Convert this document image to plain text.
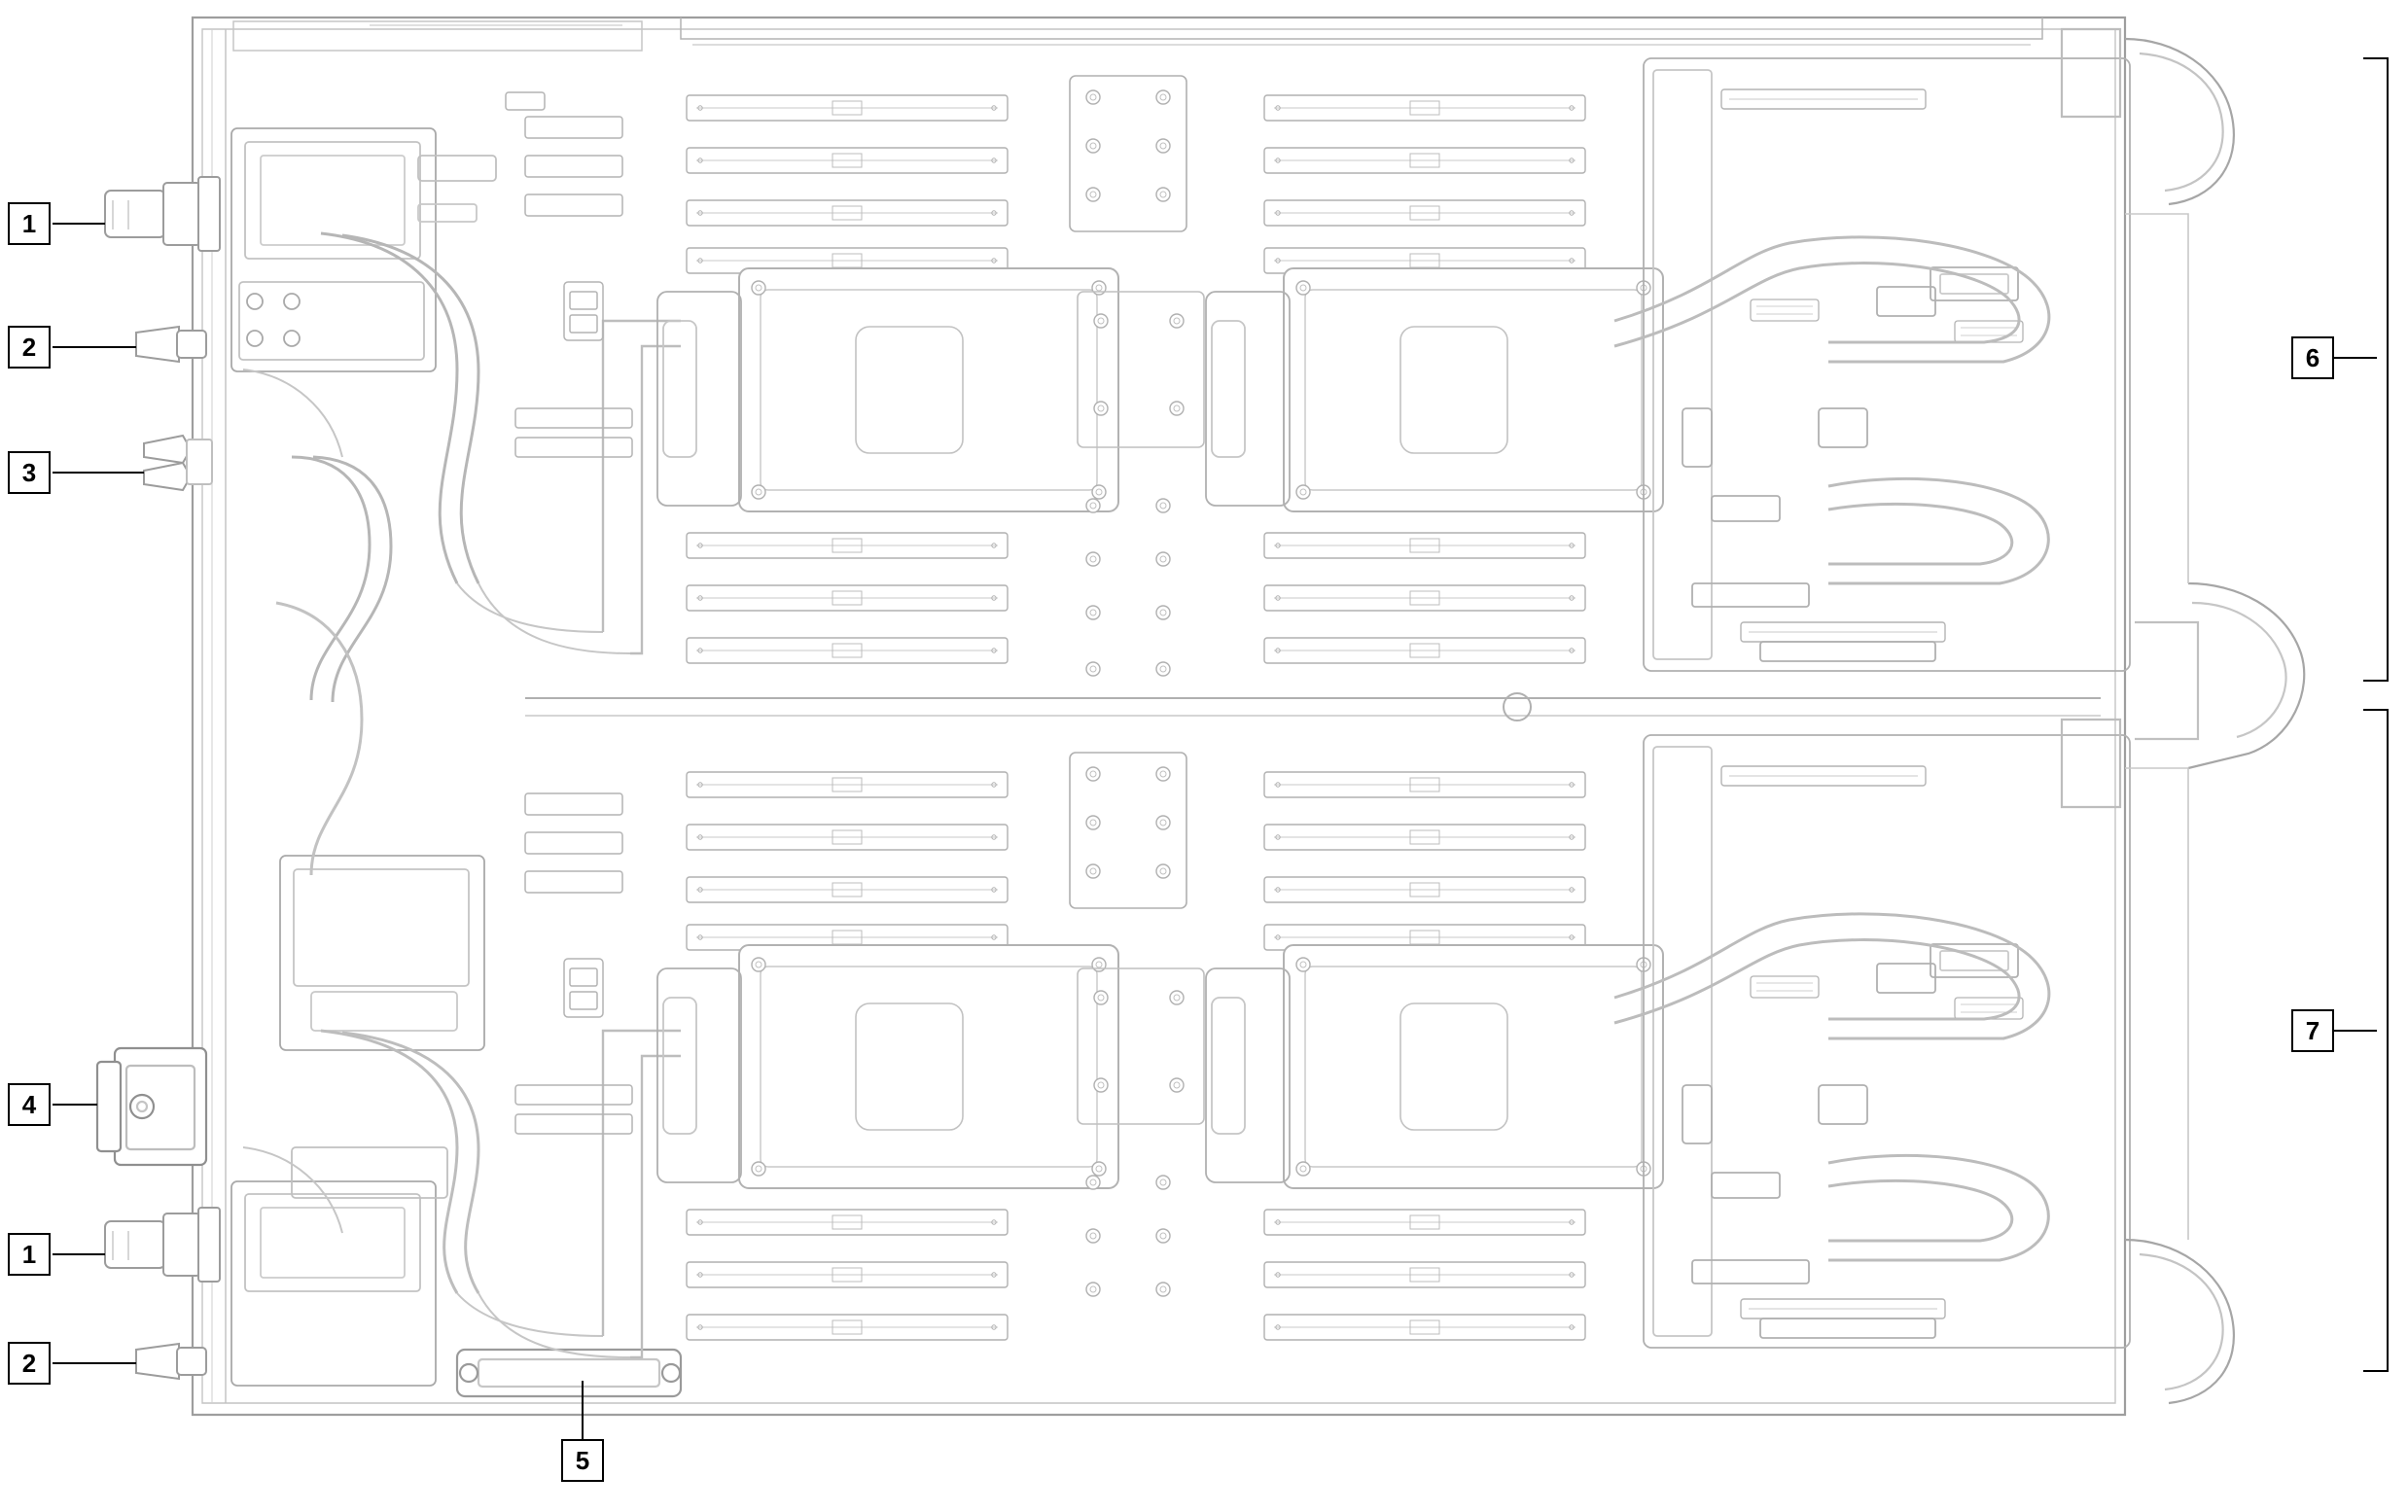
1
2
3
4
1
2
5
6
7
